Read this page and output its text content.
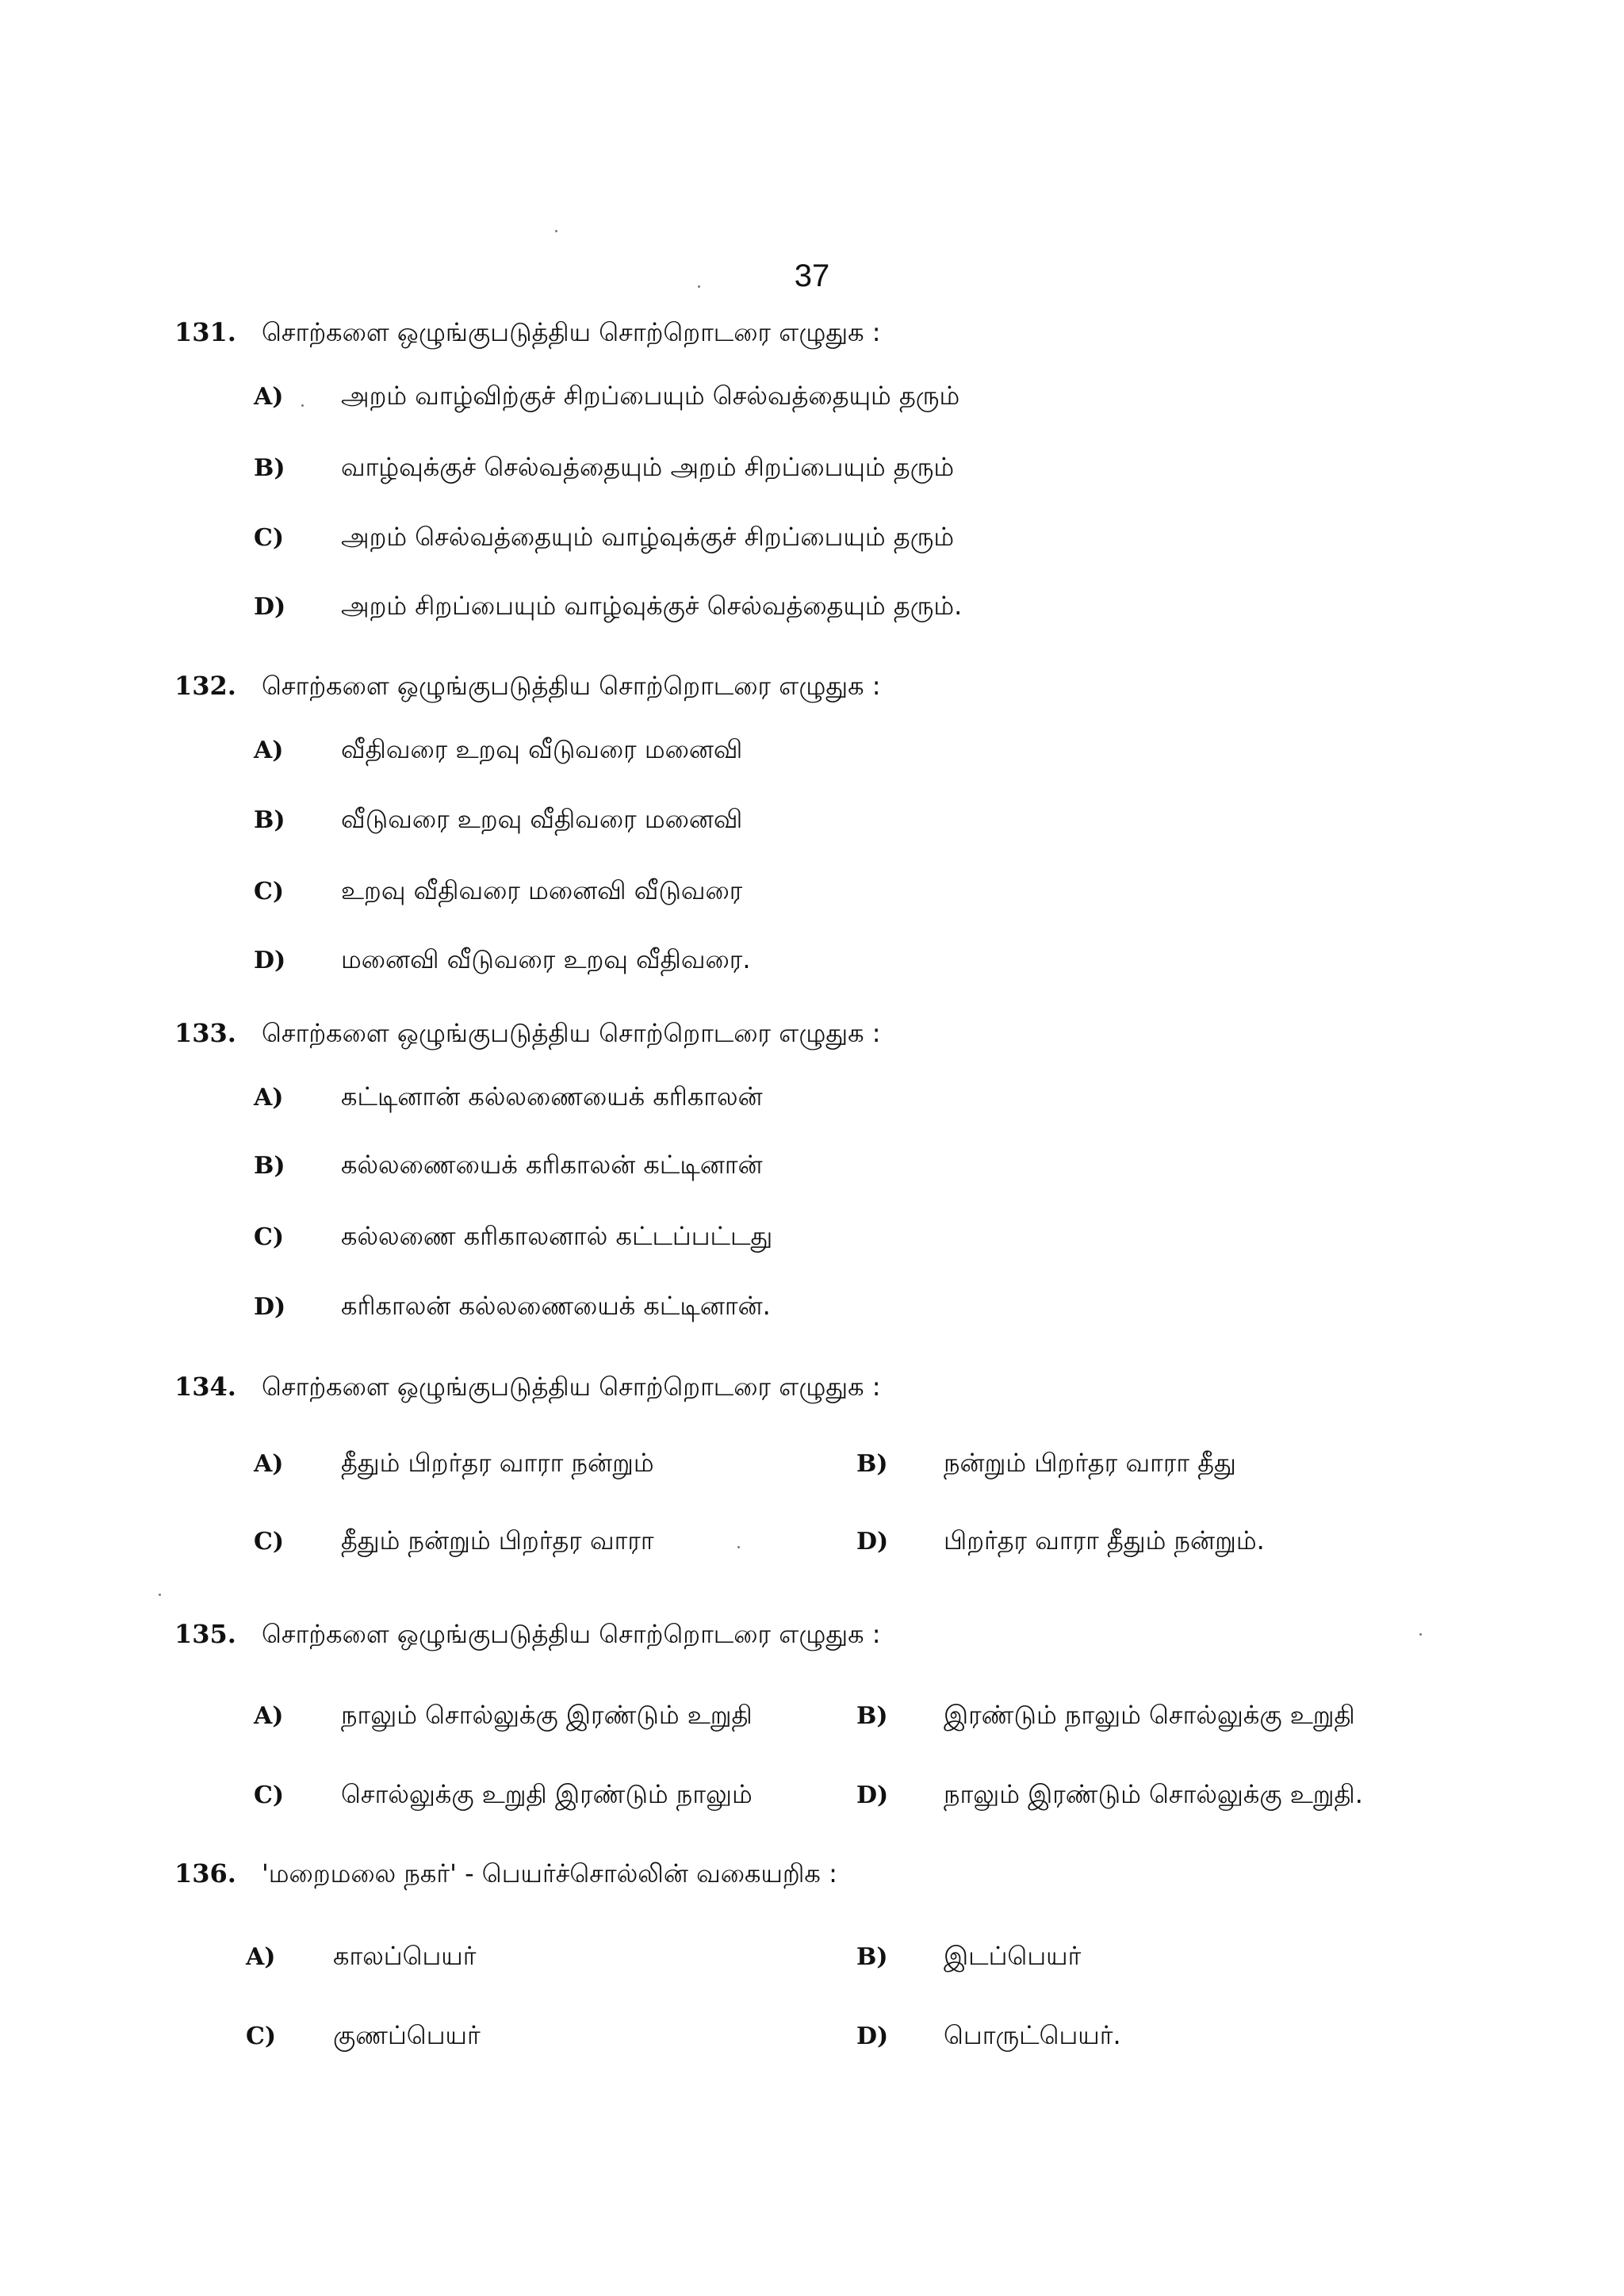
37
131.	சொற்களை ஒழுங்குபடுத்திய சொற்றொடரை எழுதுக :
A)	அறம் வாழ்விற்குச் சிறப்பையும் செல்வத்தையும் தரும்
B)	வாழ்வுக்குச் செல்வத்தையும் அறம் சிறப்பையும் தரும்
C)	அறம் செல்வத்தையும் வாழ்வுக்குச் சிறப்பையும் தரும்
D)	அறம் சிறப்பையும் வாழ்வுக்குச் செல்வத்தையும் தரும்.
132.	சொற்களை ஒழுங்குபடுத்திய சொற்றொடரை எழுதுக :
A)	வீதிவரை உறவு வீடுவரை மனைவி
B)	வீடுவரை உறவு வீதிவரை மனைவி
C)	உறவு வீதிவரை மனைவி வீடுவரை
D)	மனைவி வீடுவரை உறவு வீதிவரை.
133.	சொற்களை ஒழுங்குபடுத்திய சொற்றொடரை எழுதுக :
A)	கட்டினான் கல்லணையைக் கரிகாலன்
B)	கல்லணையைக் கரிகாலன் கட்டினான்
C)	கல்லணை கரிகாலனால் கட்டப்பட்டது
D)	கரிகாலன் கல்லணையைக் கட்டினான்.
134.	சொற்களை ஒழுங்குபடுத்திய சொற்றொடரை எழுதுக :
A)	தீதும் பிறர்தர வாரா நன்றும்	B)	நன்றும் பிறர்தர வாரா தீது
C)	தீதும் நன்றும் பிறர்தர வாரா	D)	பிறர்தர வாரா தீதும் நன்றும்.
135.	சொற்களை ஒழுங்குபடுத்திய சொற்றொடரை எழுதுக :
A)	நாலும் சொல்லுக்கு இரண்டும் உறுதி	B)	இரண்டும் நாலும் சொல்லுக்கு உறுதி
C)	சொல்லுக்கு உறுதி இரண்டும் நாலும்	D)	நாலும் இரண்டும் சொல்லுக்கு உறுதி.
136.	'மறைமலை நகர்' - பெயர்ச்சொல்லின் வகையறிக :
A)	காலப்பெயர்	B)	இடப்பெயர்
C)	குணப்பெயர்	D)	பொருட்பெயர்.
